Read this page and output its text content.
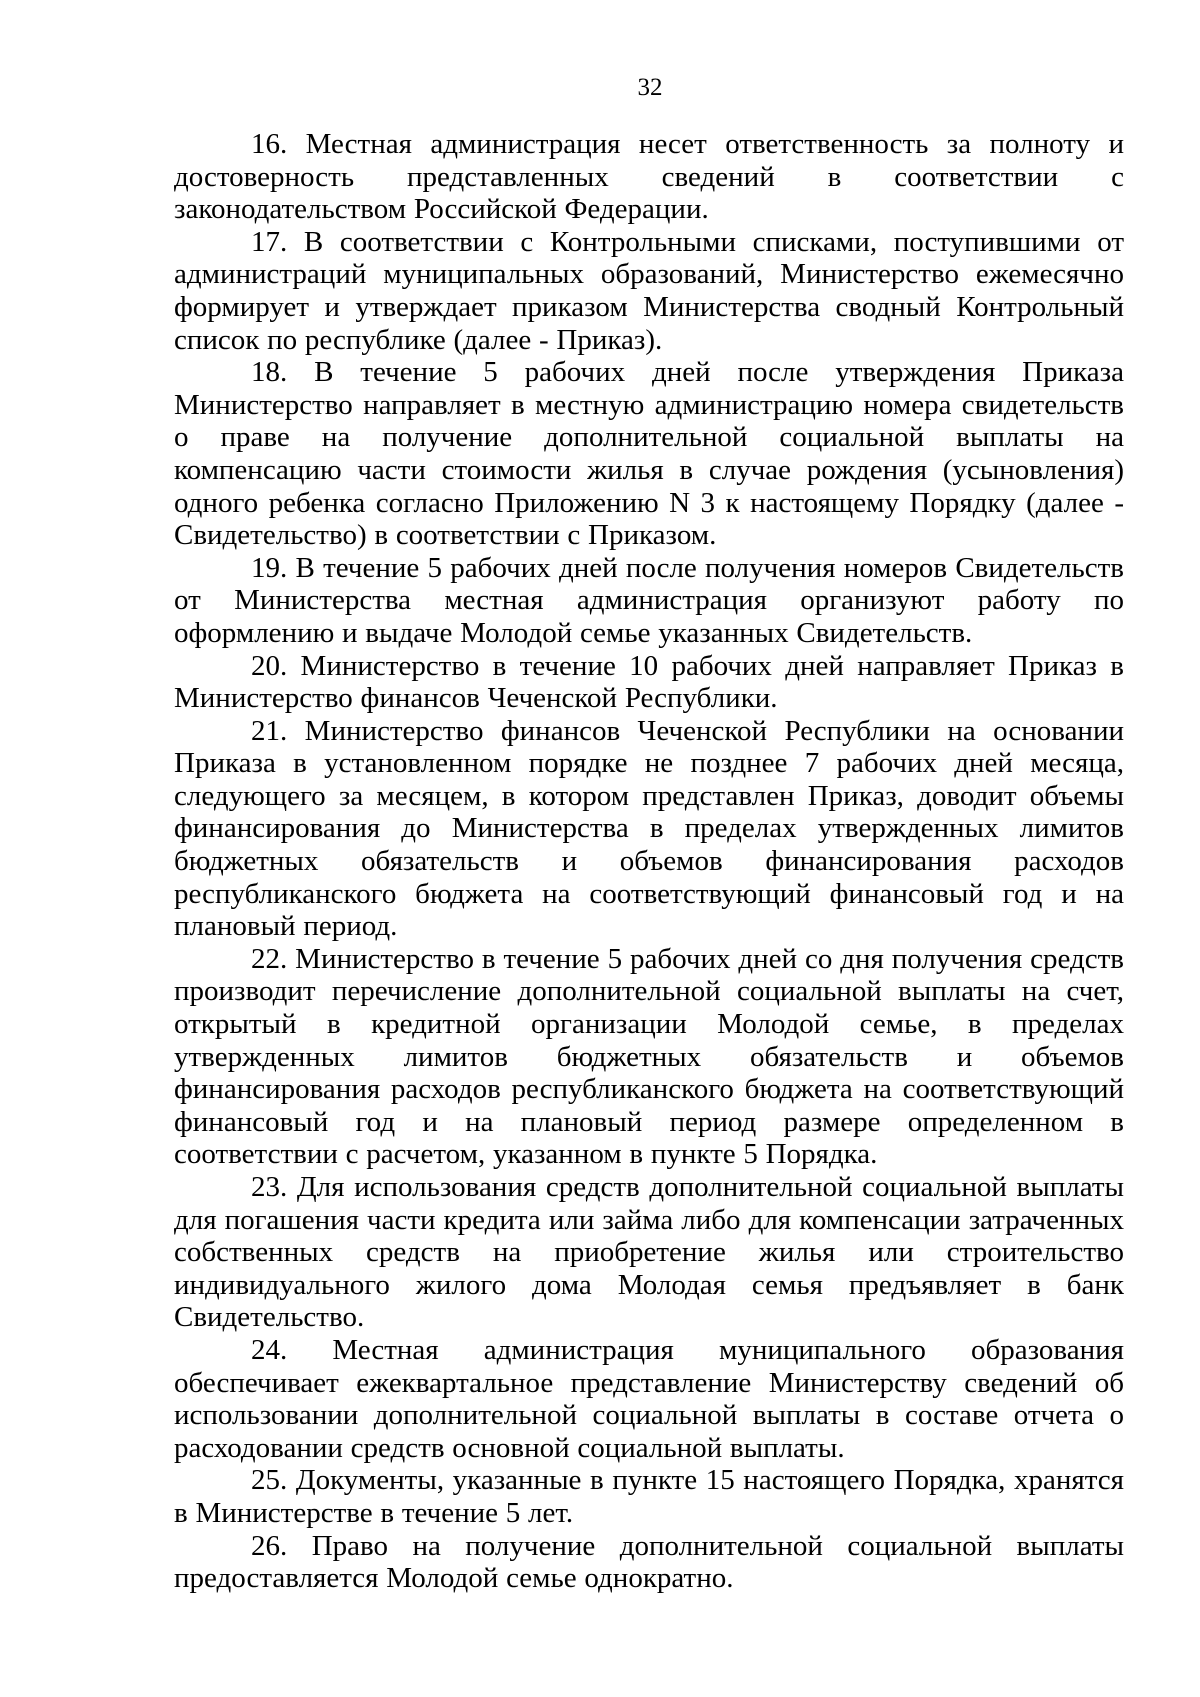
32

16. Местная администрация несет ответственность за полноту и достоверность представленных сведений в соответствии с законодательством Российской Федерации.

17. В соответствии с Контрольными списками, поступившими от администраций муниципальных образований, Министерство ежемесячно формирует и утверждает приказом Министерства сводный Контрольный список по республике (далее - Приказ).

18. В течение 5 рабочих дней после утверждения Приказа Министерство направляет в местную администрацию номера свидетельств о праве на получение дополнительной социальной выплаты на компенсацию части стоимости жилья в случае рождения (усыновления) одного ребенка согласно Приложению N 3 к настоящему Порядку (далее - Свидетельство) в соответствии с Приказом.

19. В течение 5 рабочих дней после получения номеров Свидетельств от Министерства местная администрация организуют работу по оформлению и выдаче Молодой семье указанных Свидетельств.

20. Министерство в течение 10 рабочих дней направляет Приказ в Министерство финансов Чеченской Республики.

21. Министерство финансов Чеченской Республики на основании Приказа в установленном порядке не позднее 7 рабочих дней месяца, следующего за месяцем, в котором представлен Приказ, доводит объемы финансирования до Министерства в пределах утвержденных лимитов бюджетных обязательств и объемов финансирования расходов республиканского бюджета на соответствующий финансовый год и на плановый период.

22. Министерство в течение 5 рабочих дней со дня получения средств производит перечисление дополнительной социальной выплаты на счет, открытый в кредитной организации Молодой семье, в пределах утвержденных лимитов бюджетных обязательств и объемов финансирования расходов республиканского бюджета на соответствующий финансовый год и на плановый период размере определенном в соответствии с расчетом, указанном в пункте 5 Порядка.

23. Для использования средств дополнительной социальной выплаты для погашения части кредита или займа либо для компенсации затраченных собственных средств на приобретение жилья или строительство индивидуального жилого дома Молодая семья предъявляет в банк Свидетельство.

24. Местная администрация муниципального образования обеспечивает ежеквартальное представление Министерству сведений об использовании дополнительной социальной выплаты в составе отчета о расходовании средств основной социальной выплаты.

25. Документы, указанные в пункте 15 настоящего Порядка, хранятся в Министерстве в течение 5 лет.

26. Право на получение дополнительной социальной выплаты предоставляется Молодой семье однократно.
